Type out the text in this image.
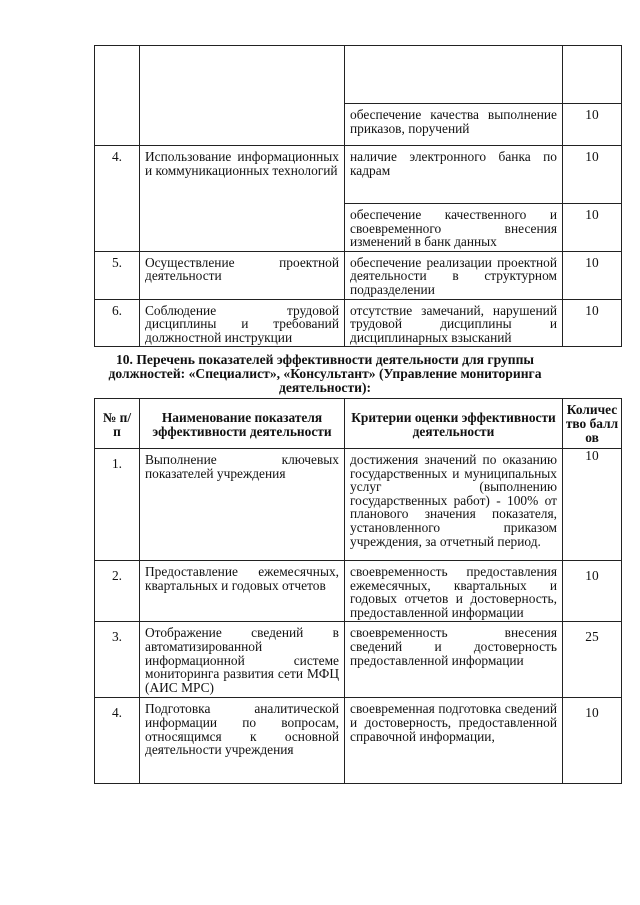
		обеспечение качества выполнение приказов, поручений	10
4.	Использование информационных и коммуникационных технологий	наличие электронного банка по кадрам	10
		обеспечение качественного и своевременного внесения изменений в банк данных	10
5.	Осуществление проектной деятельности	обеспечение реализации проектной деятельности в структурном подразделении	10
6.	Соблюдение трудовой дисциплины и требований должностной инструкции	отсутствие замечаний, нарушений трудовой дисциплины и дисциплинарных взысканий	10
10. Перечень показателей эффективности деятельности для группы должностей: «Специалист», «Консультант» (Управление мониторинга деятельности):
№ п/п	Наименование показателя эффективности деятельности	Критерии оценки эффективности деятельности	Количество баллов
1.	Выполнение ключевых показателей учреждения	достижения значений по оказанию государственных и муниципальных услуг (выполнению государственных работ) - 100% от планового значения показателя, установленного приказом учреждения, за отчетный период.	10
2.	Предоставление ежемесячных, квартальных и годовых отчетов	своевременность предоставления ежемесячных, квартальных и годовых отчетов и достоверность, предоставленной информации	10
3.	Отображение сведений в автоматизированной информационной системе мониторинга развития сети МФЦ (АИС МРС)	своевременность внесения сведений и достоверность предоставленной информации	25
4.	Подготовка аналитической информации по вопросам, относящимся к основной деятельности учреждения	своевременная подготовка сведений и достоверность, предоставленной справочной информации,	10
